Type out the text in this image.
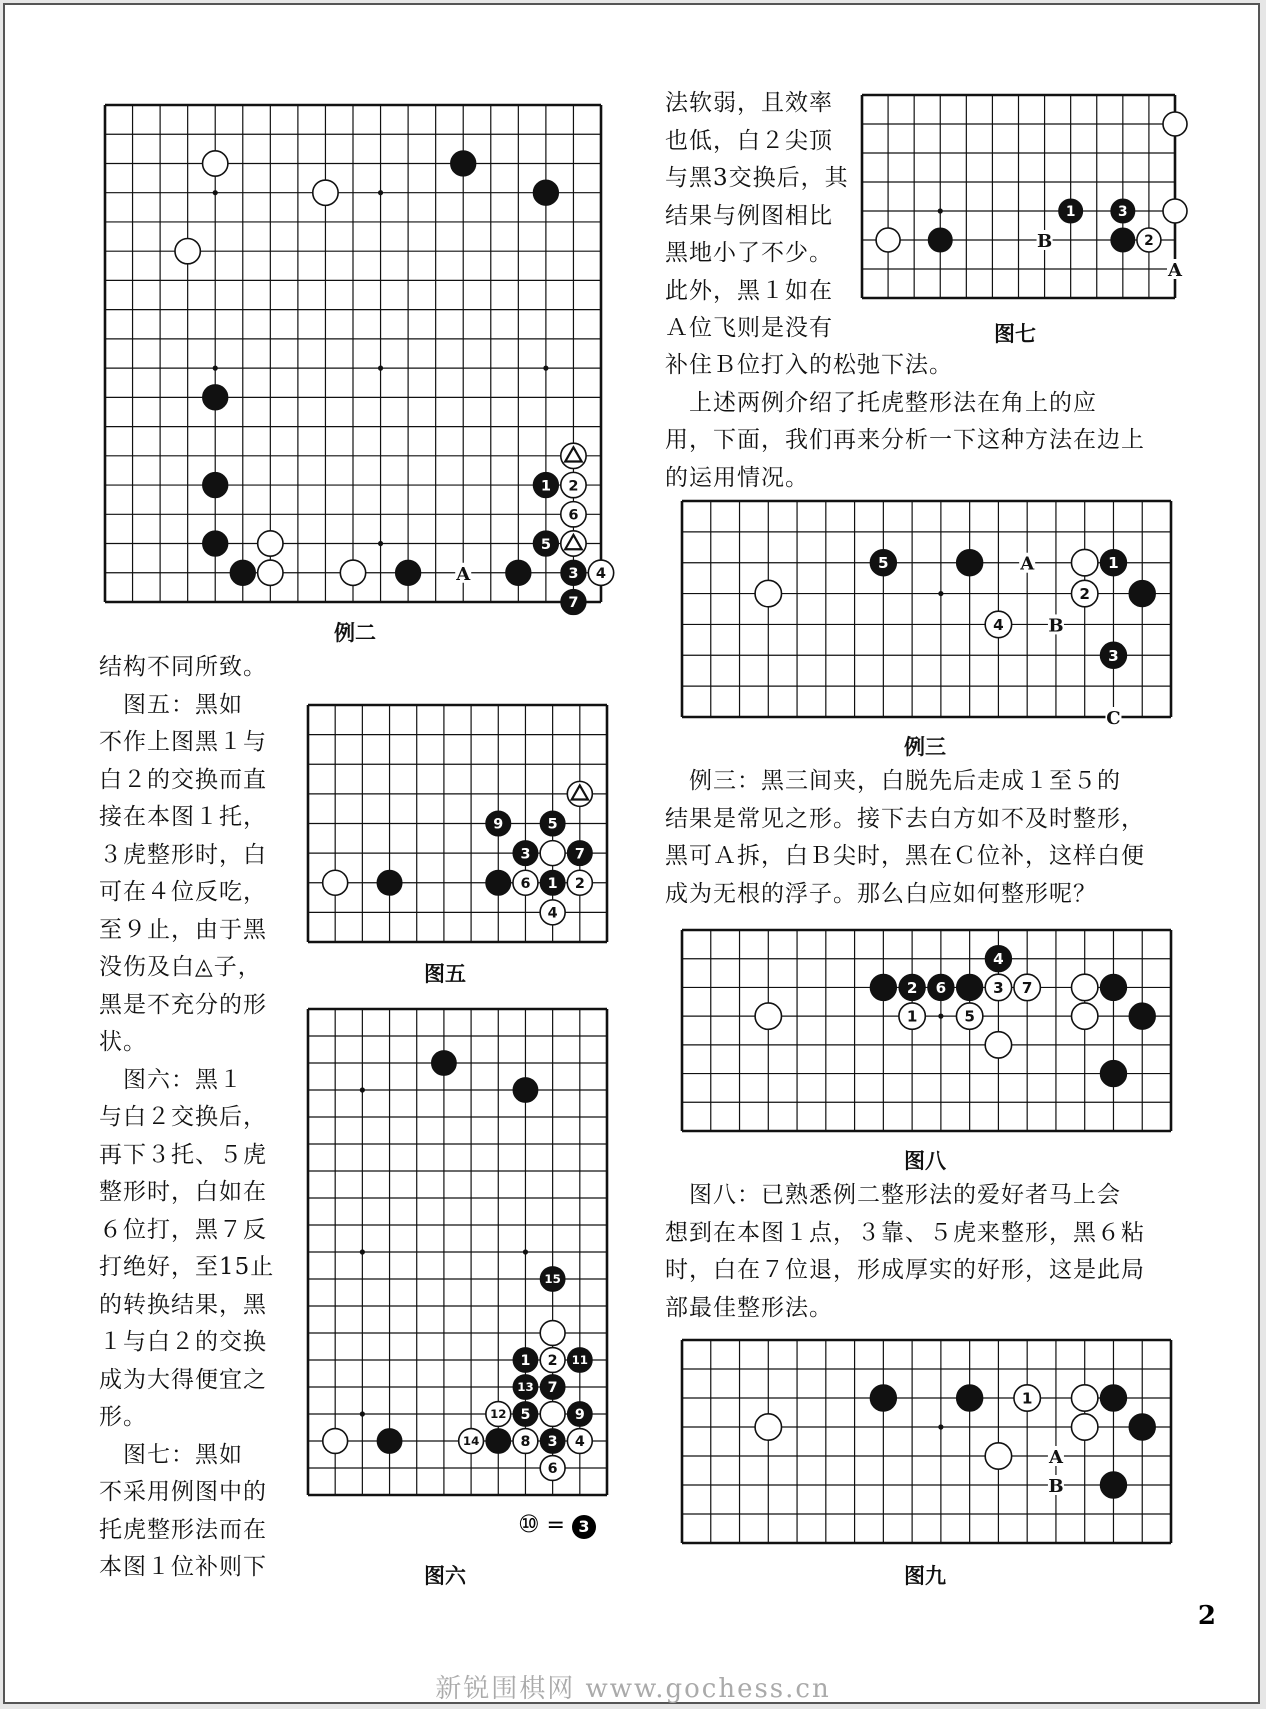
A
1 2
6
5
3 4
7
例二
B
A
1	3
2
图七
A
B
C
5	1
2
4
3
例三
9	5
3	7
6 1 2
4
图五
4
2 6	3 7
1	5
图八
15
1 2 11
13 7
12 5	9
14	8 3 4
6
图六
A
B
1
图九
⑩ = 3
法软弱，且效率
也低，白２尖顶
与黑3交换后，其
结果与例图相比
黑地小了不少。
此外，黑１如在
Ａ位飞则是没有
补住Ｂ位打入的松弛下法。
　上述两例介绍了托虎整形法在角上的应
用，下面，我们再来分析一下这种方法在边上
的运用情况。
　例三：黑三间夹，白脱先后走成１至５的
结果是常见之形。接下去白方如不及时整形，
黑可Ａ拆，白Ｂ尖时，黑在Ｃ位补，这样白便
成为无根的浮子。那么白应如何整形呢？
　图八：已熟悉例二整形法的爱好者马上会
想到在本图１点，３靠、５虎来整形，黑６粘
时，白在７位退，形成厚实的好形，这是此局
部最佳整形法。
结构不同所致。
　图五：黑如
不作上图黑１与
白２的交换而直
接在本图１托，
３虎整形时，白
可在４位反吃，
至９止，由于黑
没伤及白◬子，
黑是不充分的形
状。
　图六：黑１
与白２交换后，
再下３托、５虎
整形时，白如在
６位打，黑７反
打绝好，至15止
的转换结果，黑
１与白２的交换
成为大得便宜之
形。
　图七：黑如
不采用例图中的
托虎整形法而在
本图１位补则下
2
新锐围棋网 www.gochess.cn
